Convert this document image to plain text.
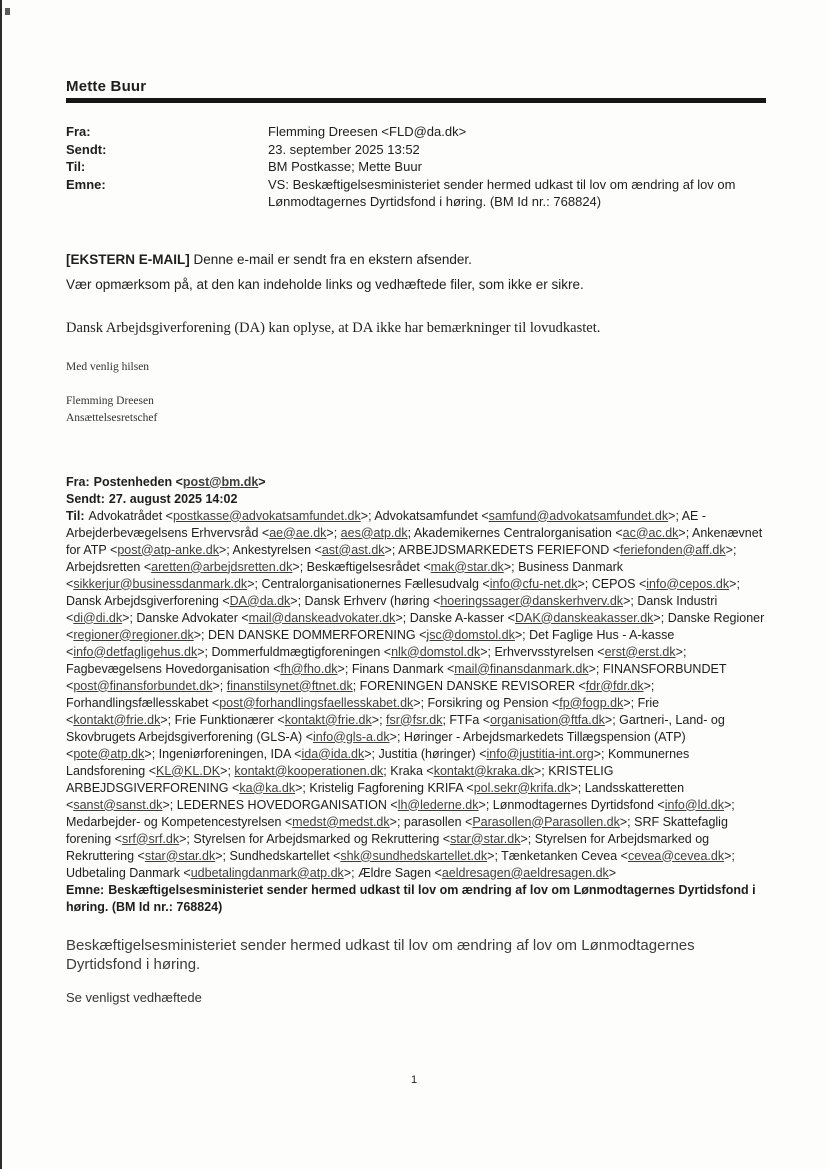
Mette Buur
Fra:	Flemming Dreesen <FLD@da.dk>
Sendt:	23. september 2025 13:52
Til:	BM Postkasse; Mette Buur
Emne:	VS: Beskæftigelsesministeriet sender hermed udkast til lov om ændring af lov om Lønmodtagernes Dyrtidsfond i høring. (BM Id nr.: 768824)

[EKSTERN E-MAIL] Denne e-mail er sendt fra en ekstern afsender.

Vær opmærksom på, at den kan indeholde links og vedhæftede filer, som ikke er sikre.

Dansk Arbejdsgiverforening (DA) kan oplyse, at DA ikke har bemærkninger til lovudkastet.

Med venlig hilsen

Flemming Dreesen

Ansættelsesretschef

Fra: Postenheden <post@bm.dk>

Sendt: 27. august 2025 14:02

Til: Advokatrådet <postkasse@advokatsamfundet.dk>; Advokatsamfundet <samfund@advokatsamfundet.dk>; AE - Arbejderbevægelsens Erhvervsråd <ae@ae.dk>; aes@atp.dk; Akademikernes Centralorganisation <ac@ac.dk>; Ankenævnet for ATP <post@atp-anke.dk>; Ankestyrelsen <ast@ast.dk>; ARBEJDSMARKEDETS FERIEFOND <feriefonden@aff.dk>; Arbejdsretten <aretten@arbejdsretten.dk>; Beskæftigelsesrådet <mak@star.dk>; Business Danmark <sikkerjur@businessdanmark.dk>; Centralorganisationernes Fællesudvalg <info@cfu-net.dk>; CEPOS <info@cepos.dk>; Dansk Arbejdsgiverforening <DA@da.dk>; Dansk Erhverv (høring <hoeringssager@danskerhverv.dk>; Dansk Industri <di@di.dk>; Danske Advokater <mail@danskeadvokater.dk>; Danske A-kasser <DAK@danskeakasser.dk>; Danske Regioner <regioner@regioner.dk>; DEN DANSKE DOMMERFORENING <jsc@domstol.dk>; Det Faglige Hus - A-kasse <info@detfagligehus.dk>; Dommerfuldmægtigforeningen <nlk@domstol.dk>; Erhvervsstyrelsen <erst@erst.dk>; Fagbevægelsens Hovedorganisation <fh@fho.dk>; Finans Danmark <mail@finansdanmark.dk>; FINANSFORBUNDET <post@finansforbundet.dk>; finanstilsynet@ftnet.dk; FORENINGEN DANSKE REVISORER <fdr@fdr.dk>; Forhandlingsfællesskabet <post@forhandlingsfaellesskabet.dk>; Forsikring og Pension <fp@fogp.dk>; Frie <kontakt@frie.dk>; Frie Funktionærer <kontakt@frie.dk>; fsr@fsr.dk; FTFa <organisation@ftfa.dk>; Gartneri-, Land- og Skovbrugets Arbejdsgiverforening (GLS-A) <info@gls-a.dk>; Høringer - Arbejdsmarkedets Tillægspension (ATP) <pote@atp.dk>; Ingeniørforeningen, IDA <ida@ida.dk>; Justitia (høringer) <info@justitia-int.org>; Kommunernes Landsforening <KL@KL.DK>; kontakt@kooperationen.dk; Kraka <kontakt@kraka.dk>; KRISTELIG ARBEJDSGIVERFORENING <ka@ka.dk>; Kristelig Fagforening KRIFA <pol.sekr@krifa.dk>; Landsskatteretten <sanst@sanst.dk>; LEDERNES HOVEDORGANISATION <lh@lederne.dk>; Lønmodtagernes Dyrtidsfond <info@ld.dk>; Medarbejder- og Kompetencestyrelsen <medst@medst.dk>; parasollen <Parasollen@Parasollen.dk>; SRF Skattefaglig forening <srf@srf.dk>; Styrelsen for Arbejdsmarked og Rekruttering <star@star.dk>; Styrelsen for Arbejdsmarked og Rekruttering <star@star.dk>; Sundhedskartellet <shk@sundhedskartellet.dk>; Tænketanken Cevea <cevea@cevea.dk>; Udbetaling Danmark <udbetalingdanmark@atp.dk>; Ældre Sagen <aeldresagen@aeldresagen.dk>

Emne: Beskæftigelsesministeriet sender hermed udkast til lov om ændring af lov om Lønmodtagernes Dyrtidsfond i høring. (BM Id nr.: 768824)

Beskæftigelsesministeriet sender hermed udkast til lov om ændring af lov om Lønmodtagernes Dyrtidsfond i høring.

Se venligst vedhæftede

1
